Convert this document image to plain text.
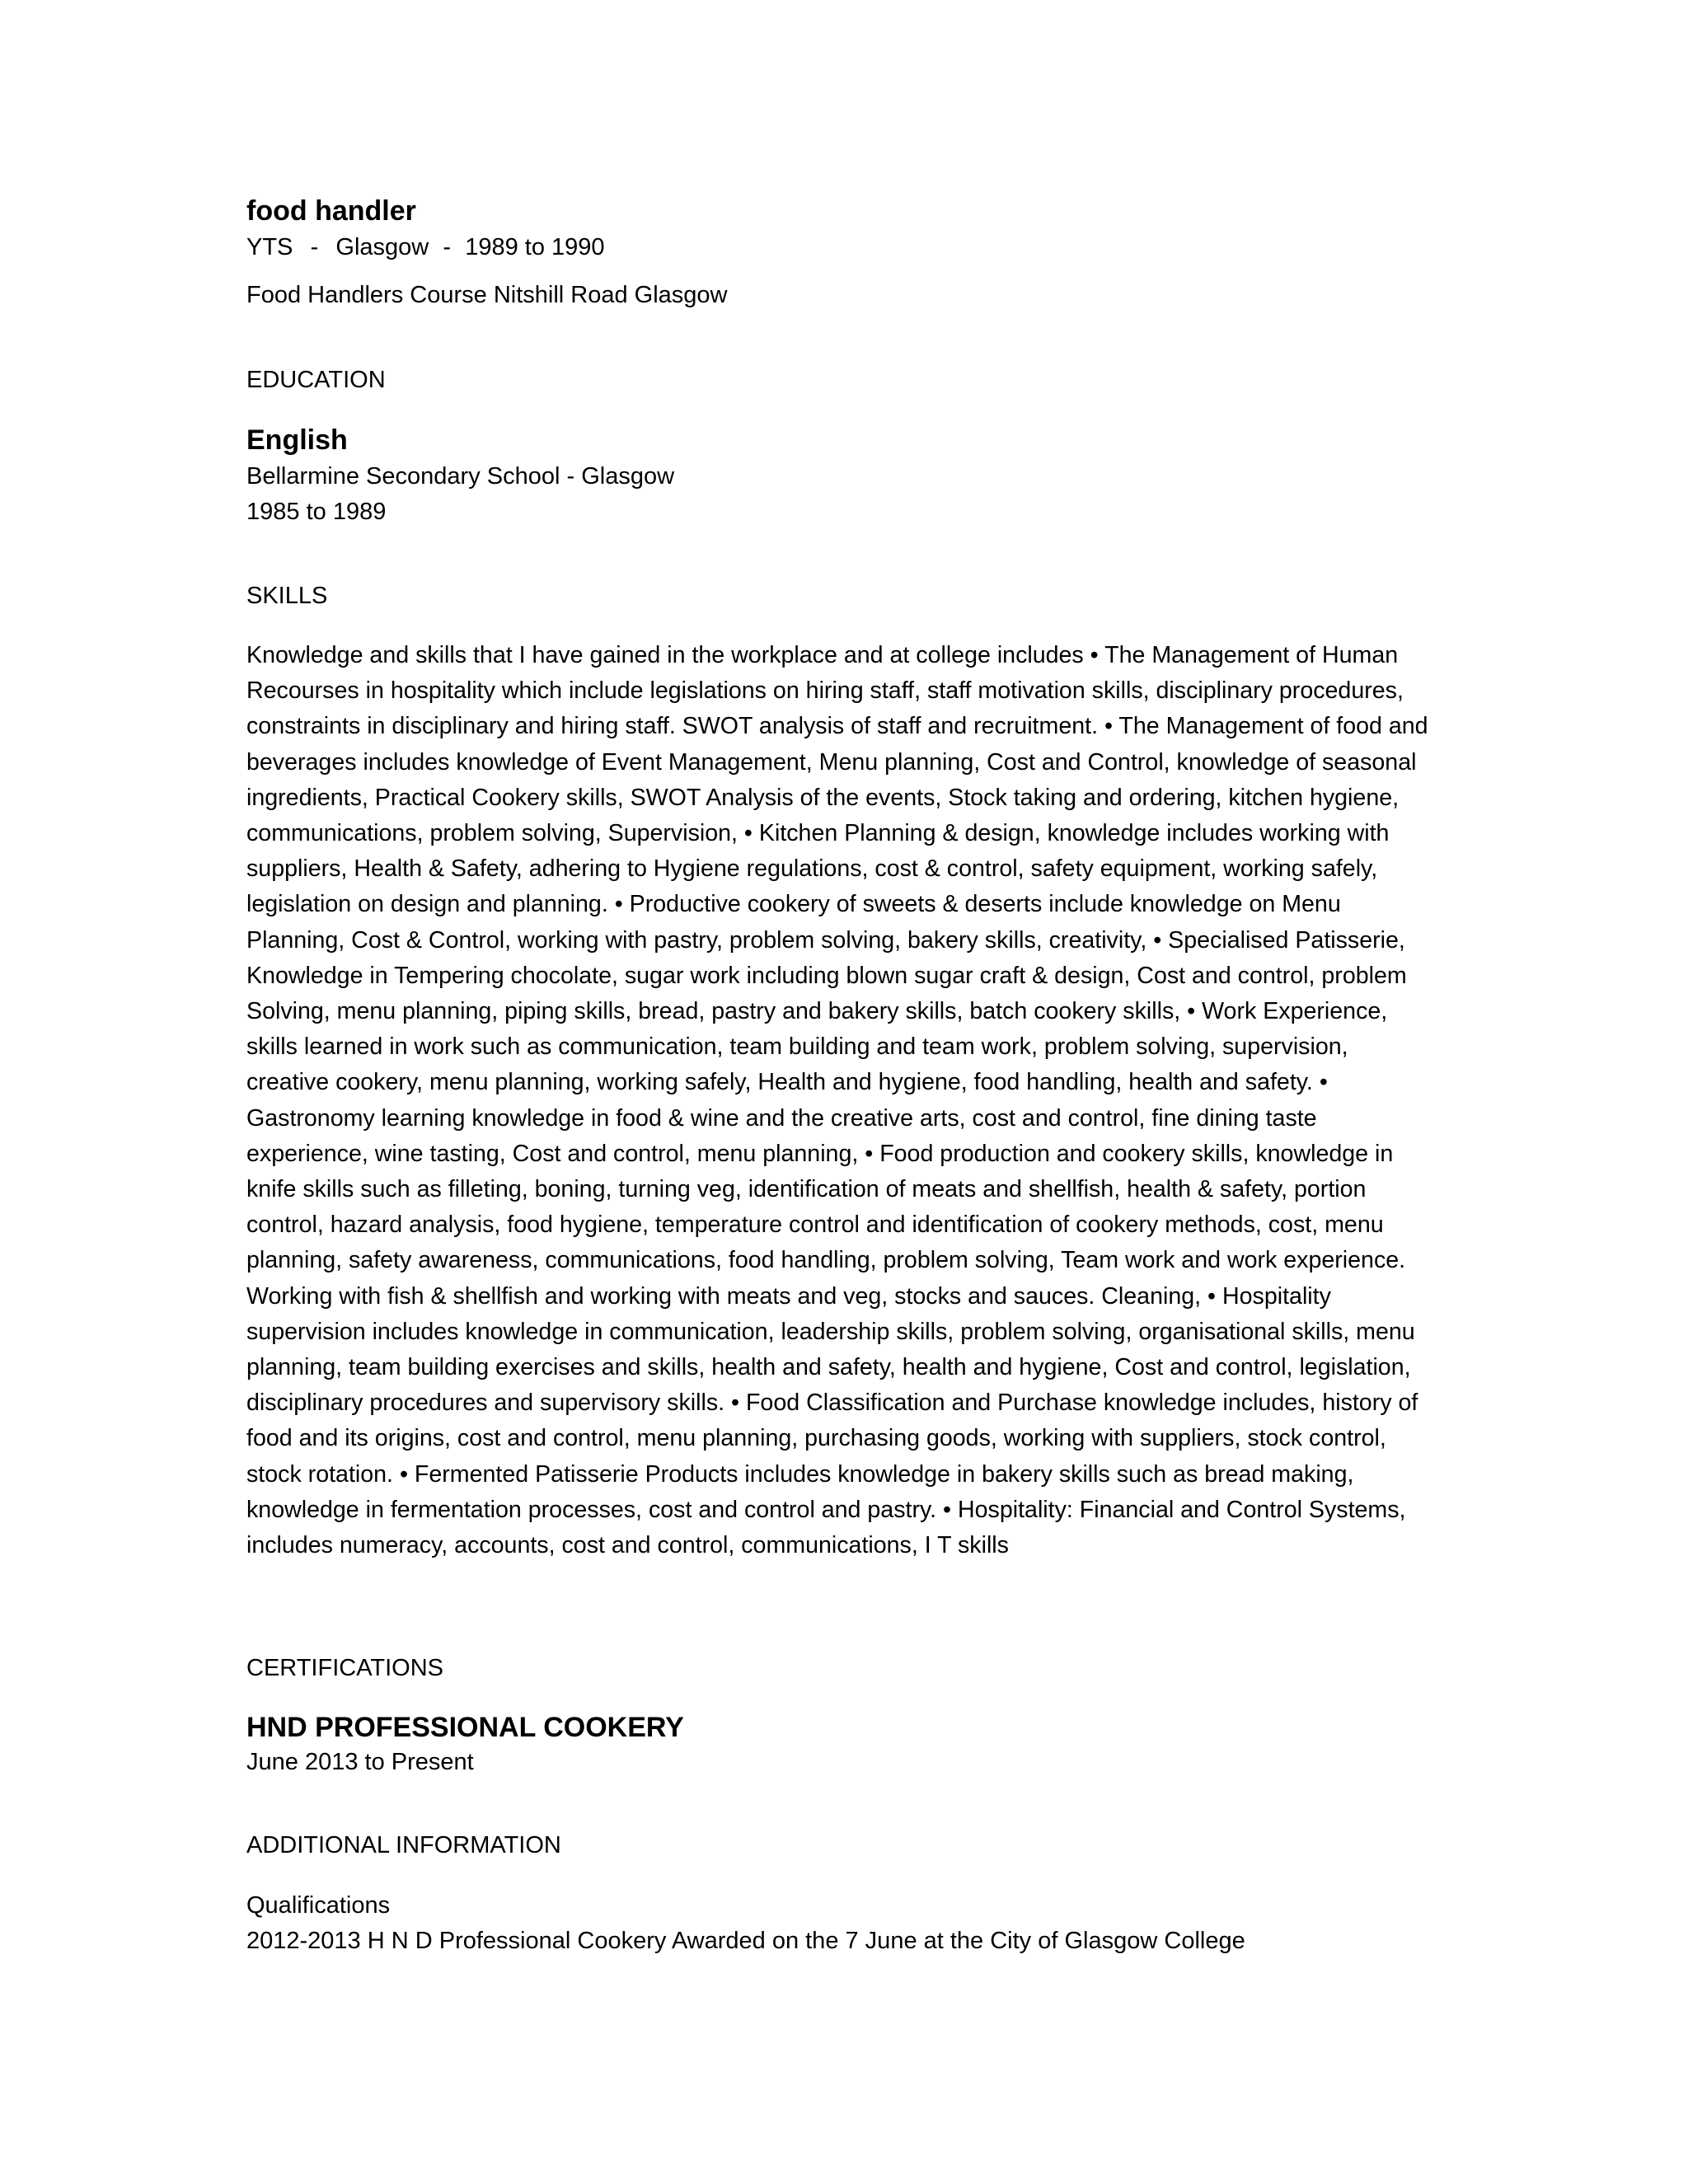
food handler
YTS - Glasgow - 1989 to 1990
Food Handlers Course Nitshill Road Glasgow
EDUCATION
English
Bellarmine Secondary School - Glasgow
1985 to 1989
SKILLS

Knowledge and skills that I have gained in the workplace and at college includes • The Management of Human Recourses in hospitality which include legislations on hiring staff, staff motivation skills, disciplinary procedures, constraints in disciplinary and hiring staff. SWOT analysis of staff and recruitment. • The Management of food and beverages includes knowledge of Event Management, Menu planning, Cost and Control, knowledge of seasonal ingredients, Practical Cookery skills, SWOT Analysis of the events, Stock taking and ordering, kitchen hygiene, communications, problem solving, Supervision, • Kitchen Planning & design, knowledge includes working with suppliers, Health & Safety, adhering to Hygiene regulations, cost & control, safety equipment, working safely, legislation on design and planning. • Productive cookery of sweets & deserts include knowledge on Menu Planning, Cost & Control, working with pastry, problem solving, bakery skills, creativity, • Specialised Patisserie, Knowledge in Tempering chocolate, sugar work including blown sugar craft & design, Cost and control, problem Solving, menu planning, piping skills, bread, pastry and bakery skills, batch cookery skills, • Work Experience, skills learned in work such as communication, team building and team work, problem solving, supervision, creative cookery, menu planning, working safely, Health and hygiene, food handling, health and safety. • Gastronomy learning knowledge in food & wine and the creative arts, cost and control, fine dining taste experience, wine tasting, Cost and control, menu planning, • Food production and cookery skills, knowledge in knife skills such as filleting, boning, turning veg, identification of meats and shellfish, health & safety, portion control, hazard analysis, food hygiene, temperature control and identification of cookery methods, cost, menu planning, safety awareness, communications, food handling, problem solving, Team work and work experience. Working with fish & shellfish and working with meats and veg, stocks and sauces. Cleaning, • Hospitality supervision includes knowledge in communication, leadership skills, problem solving, organisational skills, menu planning, team building exercises and skills, health and safety, health and hygiene, Cost and control, legislation, disciplinary procedures and supervisory skills. • Food Classification and Purchase knowledge includes, history of food and its origins, cost and control, menu planning, purchasing goods, working with suppliers, stock control, stock rotation. • Fermented Patisserie Products includes knowledge in bakery skills such as bread making, knowledge in fermentation processes, cost and control and pastry. • Hospitality: Financial and Control Systems, includes numeracy, accounts, cost and control, communications, I T skills

CERTIFICATIONS
HND PROFESSIONAL COOKERY
June 2013 to Present
ADDITIONAL INFORMATION
Qualifications
2012-2013 H N D Professional Cookery Awarded on the 7 June at the City of Glasgow College
